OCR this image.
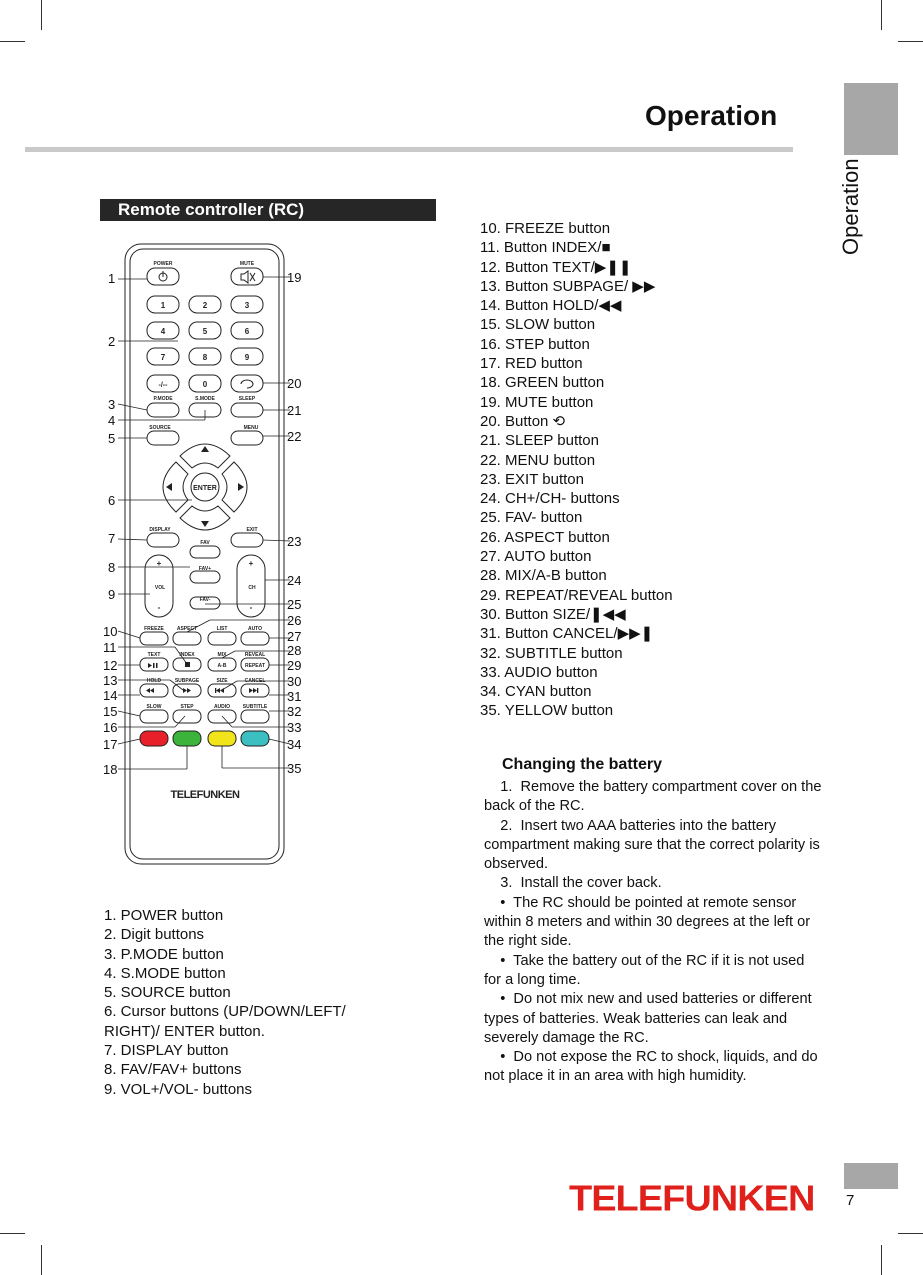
Operation
Operation
Remote controller (RC)
POWER	MUTE
P.MODE	S.MODE	SLEEP
SOURCE	MENU
DISPLAY	EXIT
FAV
FAV+
FAV-
VOL	CH
FREEZE	ASPECT	LIST	AUTO
TEXT	INDEX	MIX	REVEAL
HOLD	SUBPAGE	SIZE	CANCEL
SLOW	STEP	AUDIO	SUBTITLE
A-B	REPEAT
1	2	3
4	5	6
7	8	9
-/--	0
ENTER
+
-
+
-
TELEFUNKEN
1
2
3
4
5
6
7
8
9
10
11
12
13
14
15
16
17
18
19
20
21
22
23
24
25
26
27
28
29
30
31
32
33
34
35
1. POWER button
2. Digit buttons
3. P.MODE button
4. S.MODE button
5. SOURCE button
6. Cursor buttons (UP/DOWN/LEFT/
RIGHT)/ ENTER button.
7. DISPLAY button
8. FAV/FAV+ buttons
9. VOL+/VOL- buttons
10. FREEZE button
11. Button INDEX/■
12. Button TEXT/▶❚❚
13. Button SUBPAGE/ ▶▶
14. Button HOLD/◀◀
15. SLOW button
16. STEP button
17. RED button
18. GREEN button
19. MUTE button
20. Button ⟲
21. SLEEP button
22. MENU button
23. EXIT button
24. CH+/CH- buttons
25. FAV- button
26. ASPECT button
27. AUTO button
28. MIX/A-B button
29. REPEAT/REVEAL button
30. Button SIZE/❚◀◀
31. Button CANCEL/▶▶❚
32. SUBTITLE button
33. AUDIO button
34. CYAN button
35. YELLOW button
Changing the battery

1.  Remove the battery compartment cover on the back of the RC.

2.  Insert two AAA batteries into the battery compartment making sure that the correct polarity is observed.

3.  Install the cover back.

•  The RC should be pointed at remote sensor within 8 meters and within 30 degrees at the left or the right side.

•  Take the battery out of the RC if it is not used for a long time.

•  Do not mix new and used batteries or different types of batteries. Weak batteries can leak and severely damage the RC.

•  Do not expose the RC to shock, liquids, and do not place it in an area with high humidity.

TELEFUNKEN 7
